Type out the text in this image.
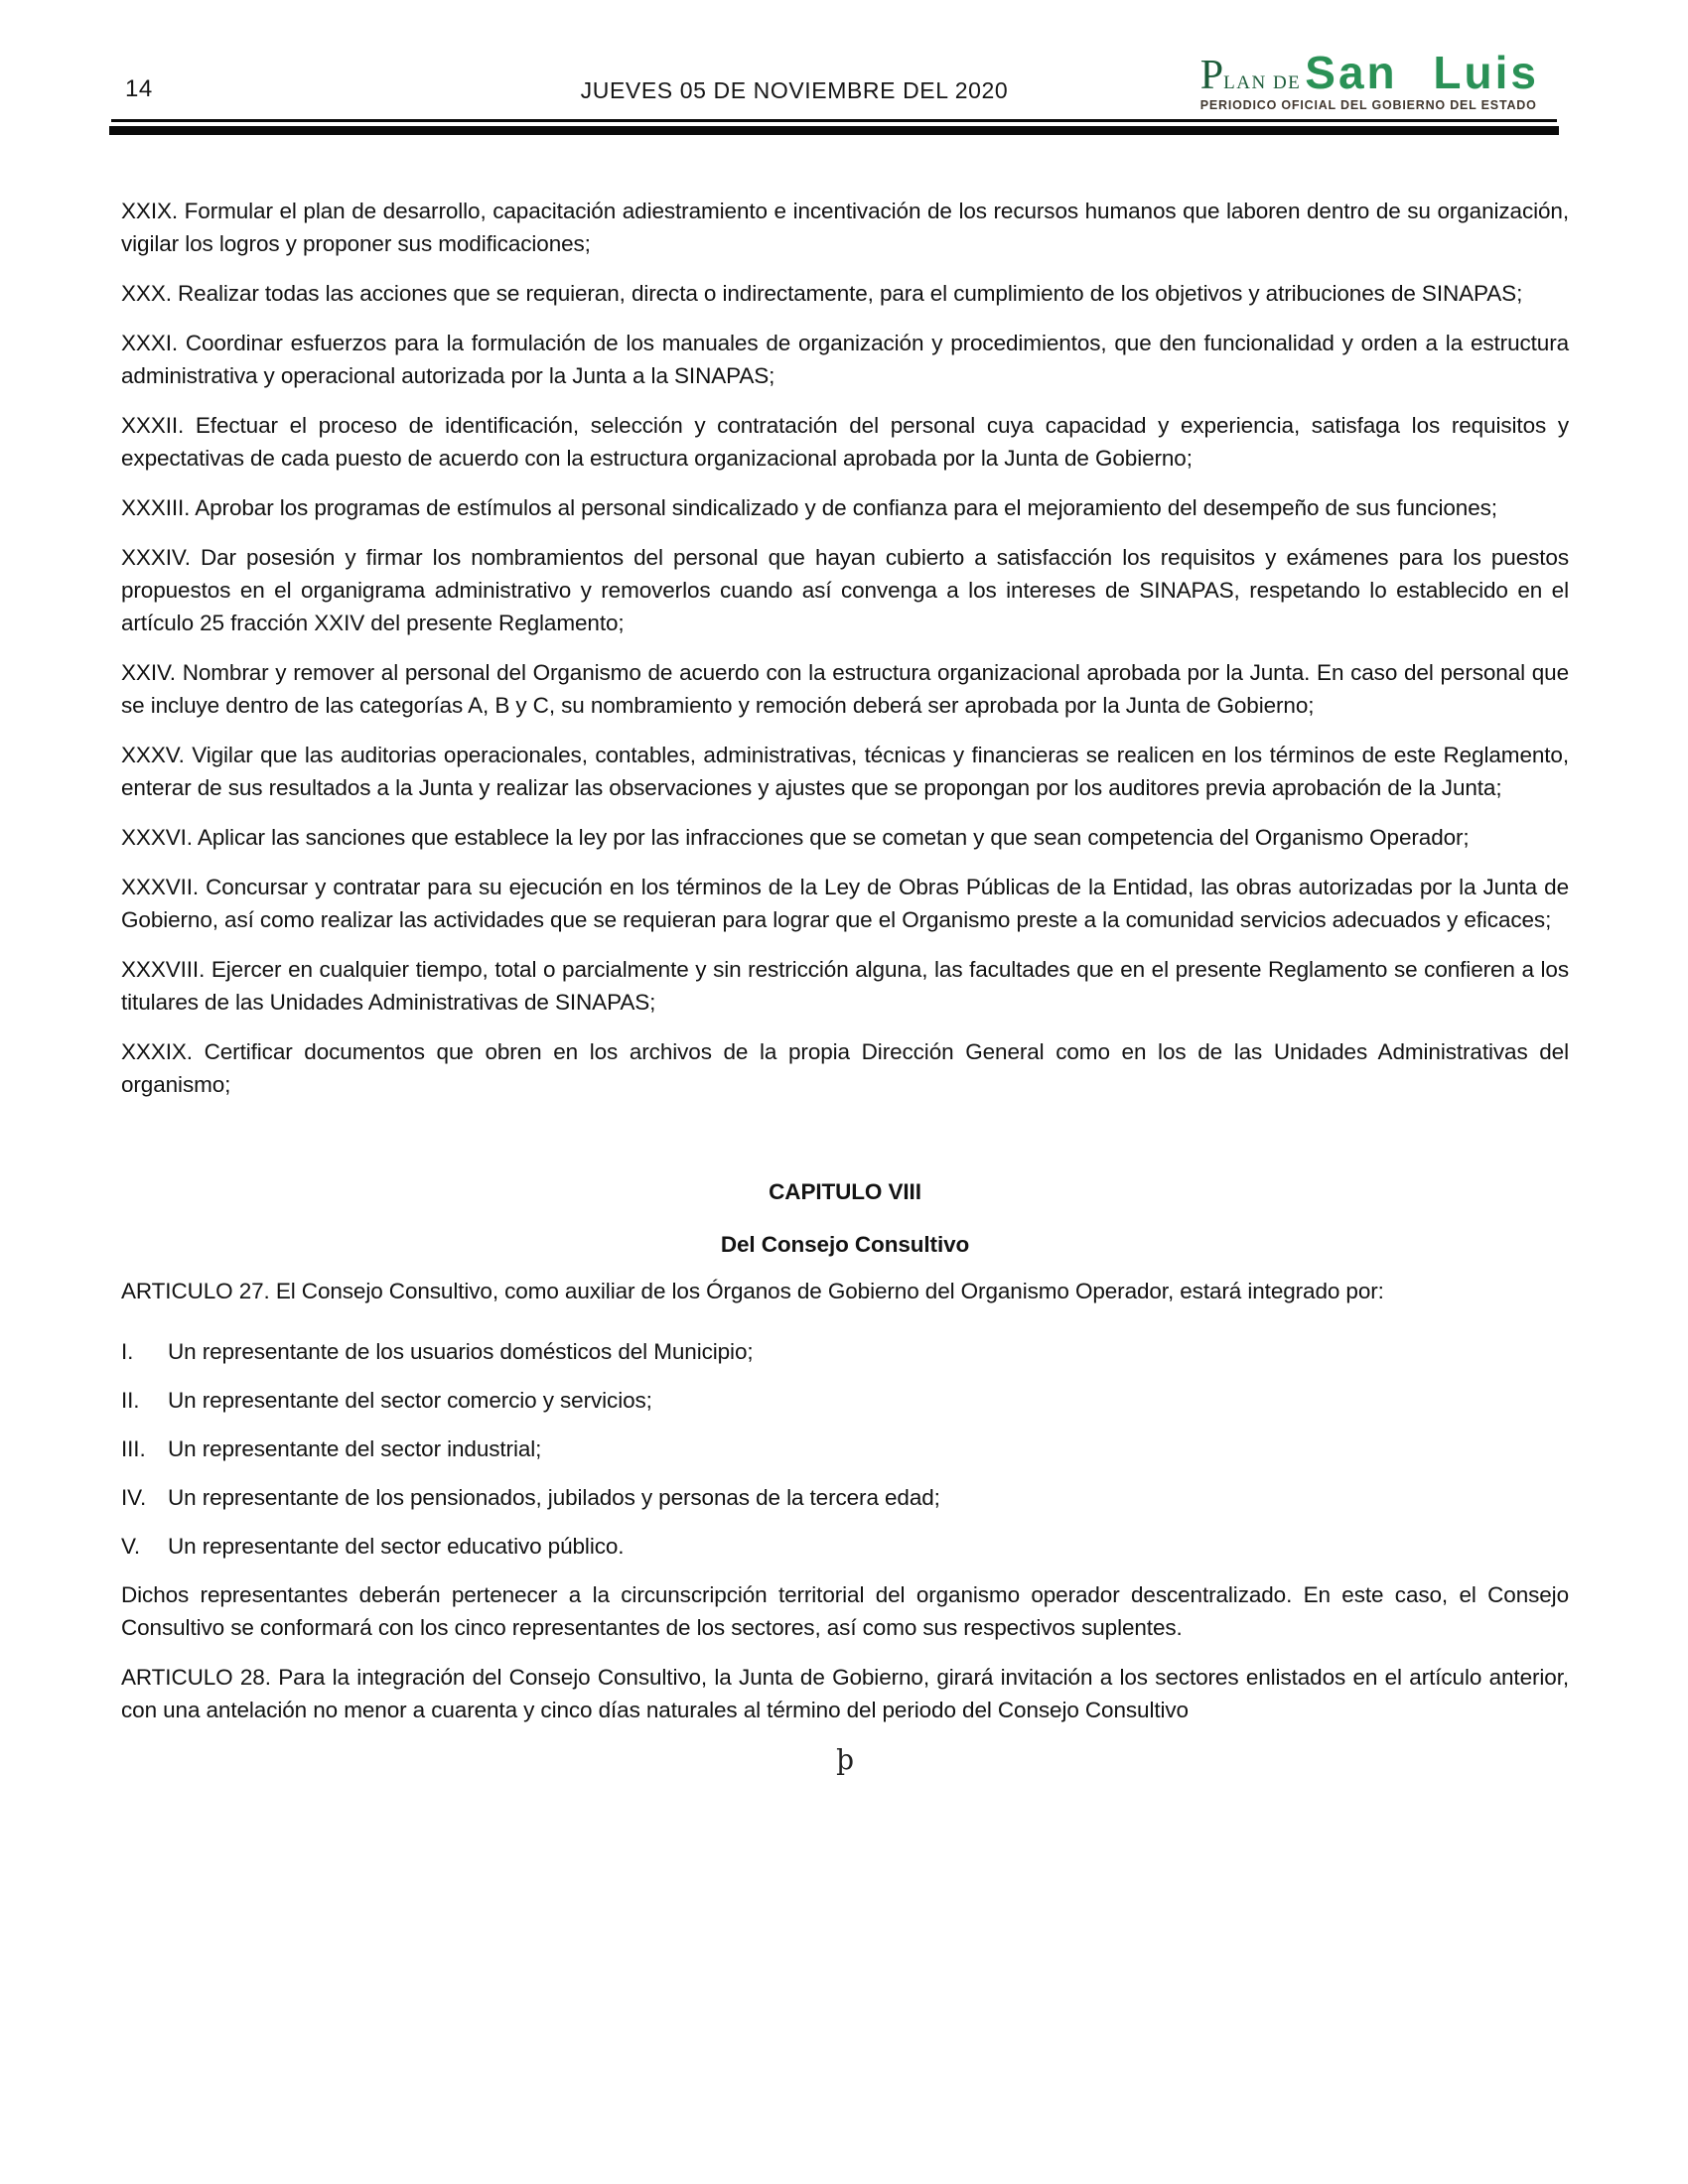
14	JUEVES 05 DE NOVIEMBRE DEL 2020	P LAN DE San Luis
PERIODICO OFICIAL DEL GOBIERNO DEL ESTADO

XXIX. Formular el plan de desarrollo, capacitación adiestramiento e incentivación de los recursos humanos que laboren dentro de su organización, vigilar los logros y proponer sus modificaciones;

XXX. Realizar todas las acciones que se requieran, directa o indirectamente, para el cumplimiento de los objetivos y atribuciones de SINAPAS;

XXXI. Coordinar esfuerzos para la formulación de los manuales de organización y procedimientos, que den funcionalidad y orden a la estructura administrativa y operacional autorizada por la Junta a la SINAPAS;

XXXII. Efectuar el proceso de identificación, selección y contratación del personal cuya capacidad y experiencia, satisfaga los requisitos y expectativas de cada puesto de acuerdo con la estructura organizacional aprobada por la Junta de Gobierno;

XXXIII. Aprobar los programas de estímulos al personal sindicalizado y de confianza para el mejoramiento del desempeño de sus funciones;

XXXIV. Dar posesión y firmar los nombramientos del personal que hayan cubierto a satisfacción los requisitos y exámenes para los puestos propuestos en el organigrama administrativo y removerlos cuando así convenga a los intereses de SINAPAS, respetando lo establecido en el artículo 25 fracción XXIV del presente Reglamento;

XXIV. Nombrar y remover al personal del Organismo de acuerdo con la estructura organizacional aprobada por la Junta. En caso del personal que se incluye dentro de las categorías A, B y C, su nombramiento y remoción deberá ser aprobada por la Junta de Gobierno;

XXXV. Vigilar que las auditorias operacionales, contables, administrativas, técnicas y financieras se realicen en los términos de este Reglamento, enterar de sus resultados a la Junta y realizar las observaciones y ajustes que se propongan por los auditores previa aprobación de la Junta;

XXXVI. Aplicar las sanciones que establece la ley por las infracciones que se cometan y que sean competencia del Organismo Operador;

XXXVII. Concursar y contratar para su ejecución en los términos de la Ley de Obras Públicas de la Entidad, las obras autorizadas por la Junta de Gobierno, así como realizar las actividades que se requieran para lograr que el Organismo preste a la comunidad servicios adecuados y eficaces;

XXXVIII. Ejercer en cualquier tiempo, total o parcialmente y sin restricción alguna, las facultades que en el presente Reglamento se confieren a los titulares de las Unidades Administrativas de SINAPAS;

XXXIX. Certificar documentos que obren en los archivos de la propia Dirección General como en los de las Unidades Administrativas del organismo;

CAPITULO VIII

Del Consejo Consultivo

ARTICULO 27. El Consejo Consultivo, como auxiliar de los Órganos de Gobierno del Organismo Operador, estará integrado por:

I. Un representante de los usuarios domésticos del Municipio;
II. Un representante del sector comercio y servicios;
III. Un representante del sector industrial;
IV. Un representante de los pensionados, jubilados y personas de la tercera edad;
V. Un representante del sector educativo público.

Dichos representantes deberán pertenecer a la circunscripción territorial del organismo operador descentralizado. En este caso, el Consejo Consultivo se conformará con los cinco representantes de los sectores, así como sus respectivos suplentes.

ARTICULO 28. Para la integración del Consejo Consultivo, la Junta de Gobierno, girará invitación a los sectores enlistados en el artículo anterior, con una antelación no menor a cuarenta y cinco días naturales al término del periodo del Consejo Consultivo

þ
